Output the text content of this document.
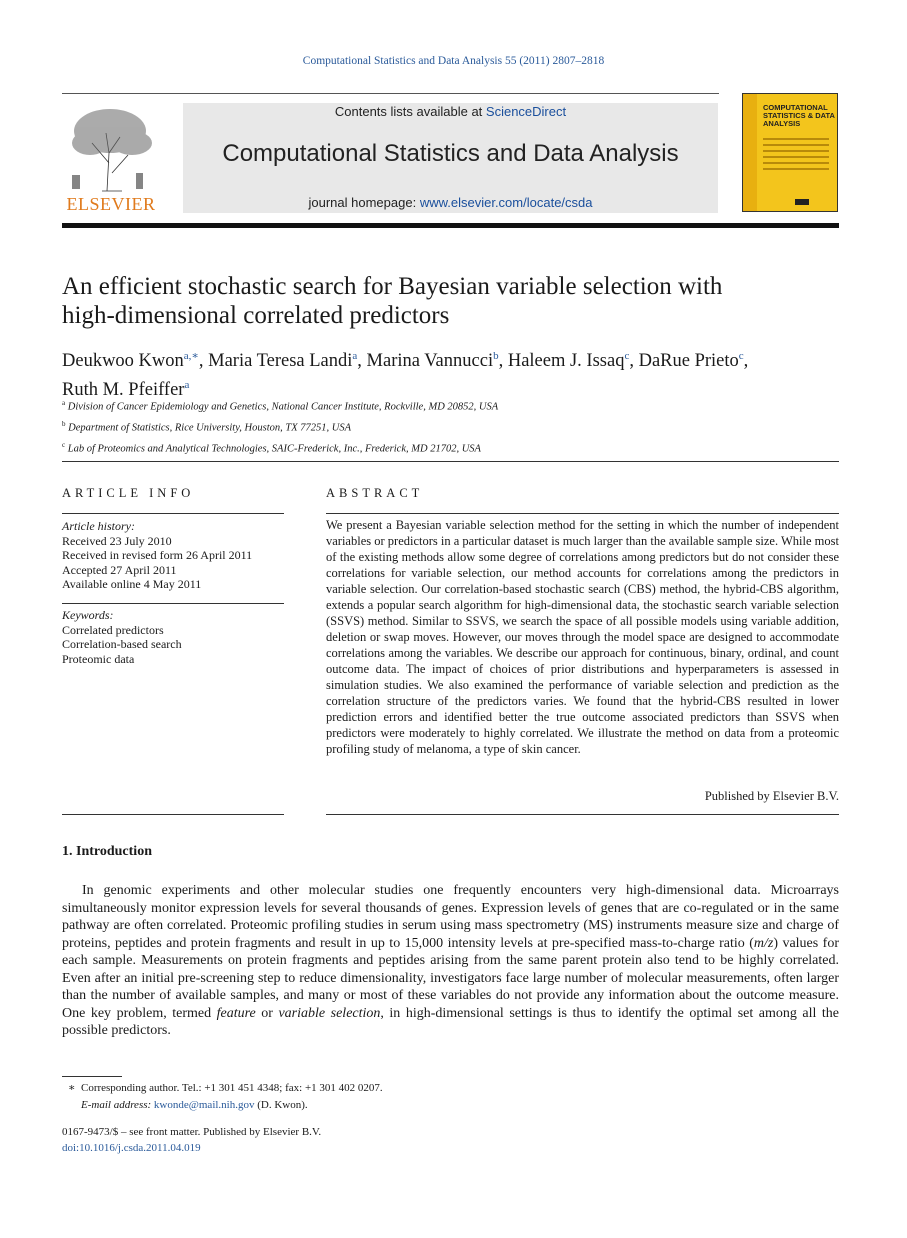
Computational Statistics and Data Analysis 55 (2011) 2807–2818
ELSEVIER
Contents lists available at ScienceDirect
Computational Statistics and Data Analysis
journal homepage: www.elsevier.com/locate/csda
COMPUTATIONAL STATISTICS & DATA ANALYSIS
An efficient stochastic search for Bayesian variable selection with
high-dimensional correlated predictors
Deukwoo Kwon$^{a,∗}$, Maria Teresa Landi$^a$, Marina Vannucci$^b$, Haleem J. Issaq$^c$, DaRue Prieto$^c$,
Ruth M. Pfeiffer$^a$
$^a$ Division of Cancer Epidemiology and Genetics, National Cancer Institute, Rockville, MD 20852, USA
$^b$ Department of Statistics, Rice University, Houston, TX 77251, USA
$^c$ Lab of Proteomics and Analytical Technologies, SAIC-Frederick, Inc., Frederick, MD 21702, USA
ARTICLE INFO
Article history:
Received 23 July 2010
Received in revised form 26 April 2011
Accepted 27 April 2011
Available online 4 May 2011
Keywords:
Correlated predictors
Correlation-based search
Proteomic data
ABSTRACT
We present a Bayesian variable selection method for the setting in which the number of independent variables or predictors in a particular dataset is much larger than the available sample size. While most of the existing methods allow some degree of correlations among predictors but do not consider these correlations for variable selection, our method accounts for correlations among the predictors in variable selection. Our correlation-based stochastic search (CBS) method, the hybrid-CBS algorithm, extends a popular search algorithm for high-dimensional data, the stochastic search variable selection (SSVS) method. Similar to SSVS, we search the space of all possible models using variable addition, deletion or swap moves. However, our moves through the model space are designed to accommodate correlations among the variables. We describe our approach for continuous, binary, ordinal, and count outcome data. The impact of choices of prior distributions and hyperparameters is assessed in simulation studies. We also examined the performance of variable selection and prediction as the correlation structure of the predictors varies. We found that the hybrid-CBS resulted in lower prediction errors and identified better the true outcome associated predictors than SSVS when predictors were moderately to highly correlated. We illustrate the method on data from a proteomic profiling study of melanoma, a type of skin cancer.
Published by Elsevier B.V.
1. Introduction
In genomic experiments and other molecular studies one frequently encounters very high-dimensional data. Microarrays simultaneously monitor expression levels for several thousands of genes. Expression levels of genes that are co-regulated or in the same pathway are often correlated. Proteomic profiling studies in serum using mass spectrometry (MS) instruments measure size and charge of proteins, peptides and protein fragments and result in up to 15,000 intensity levels at pre-specified mass-to-charge ratio (m/z) values for each sample. Measurements on protein fragments and peptides arising from the same parent protein also tend to be highly correlated. Even after an initial pre-screening step to reduce dimensionality, investigators face large number of molecular measurements, often larger than the number of available samples, and many or most of these variables do not provide any information about the outcome measure. One key problem, termed feature or variable selection, in high-dimensional settings is thus to identify the optimal set among all the possible predictors.
∗ Corresponding author. Tel.: +1 301 451 4348; fax: +1 301 402 0207.
E-mail address: kwonde@mail.nih.gov (D. Kwon).
0167-9473/$ – see front matter. Published by Elsevier B.V.
doi:10.1016/j.csda.2011.04.019
